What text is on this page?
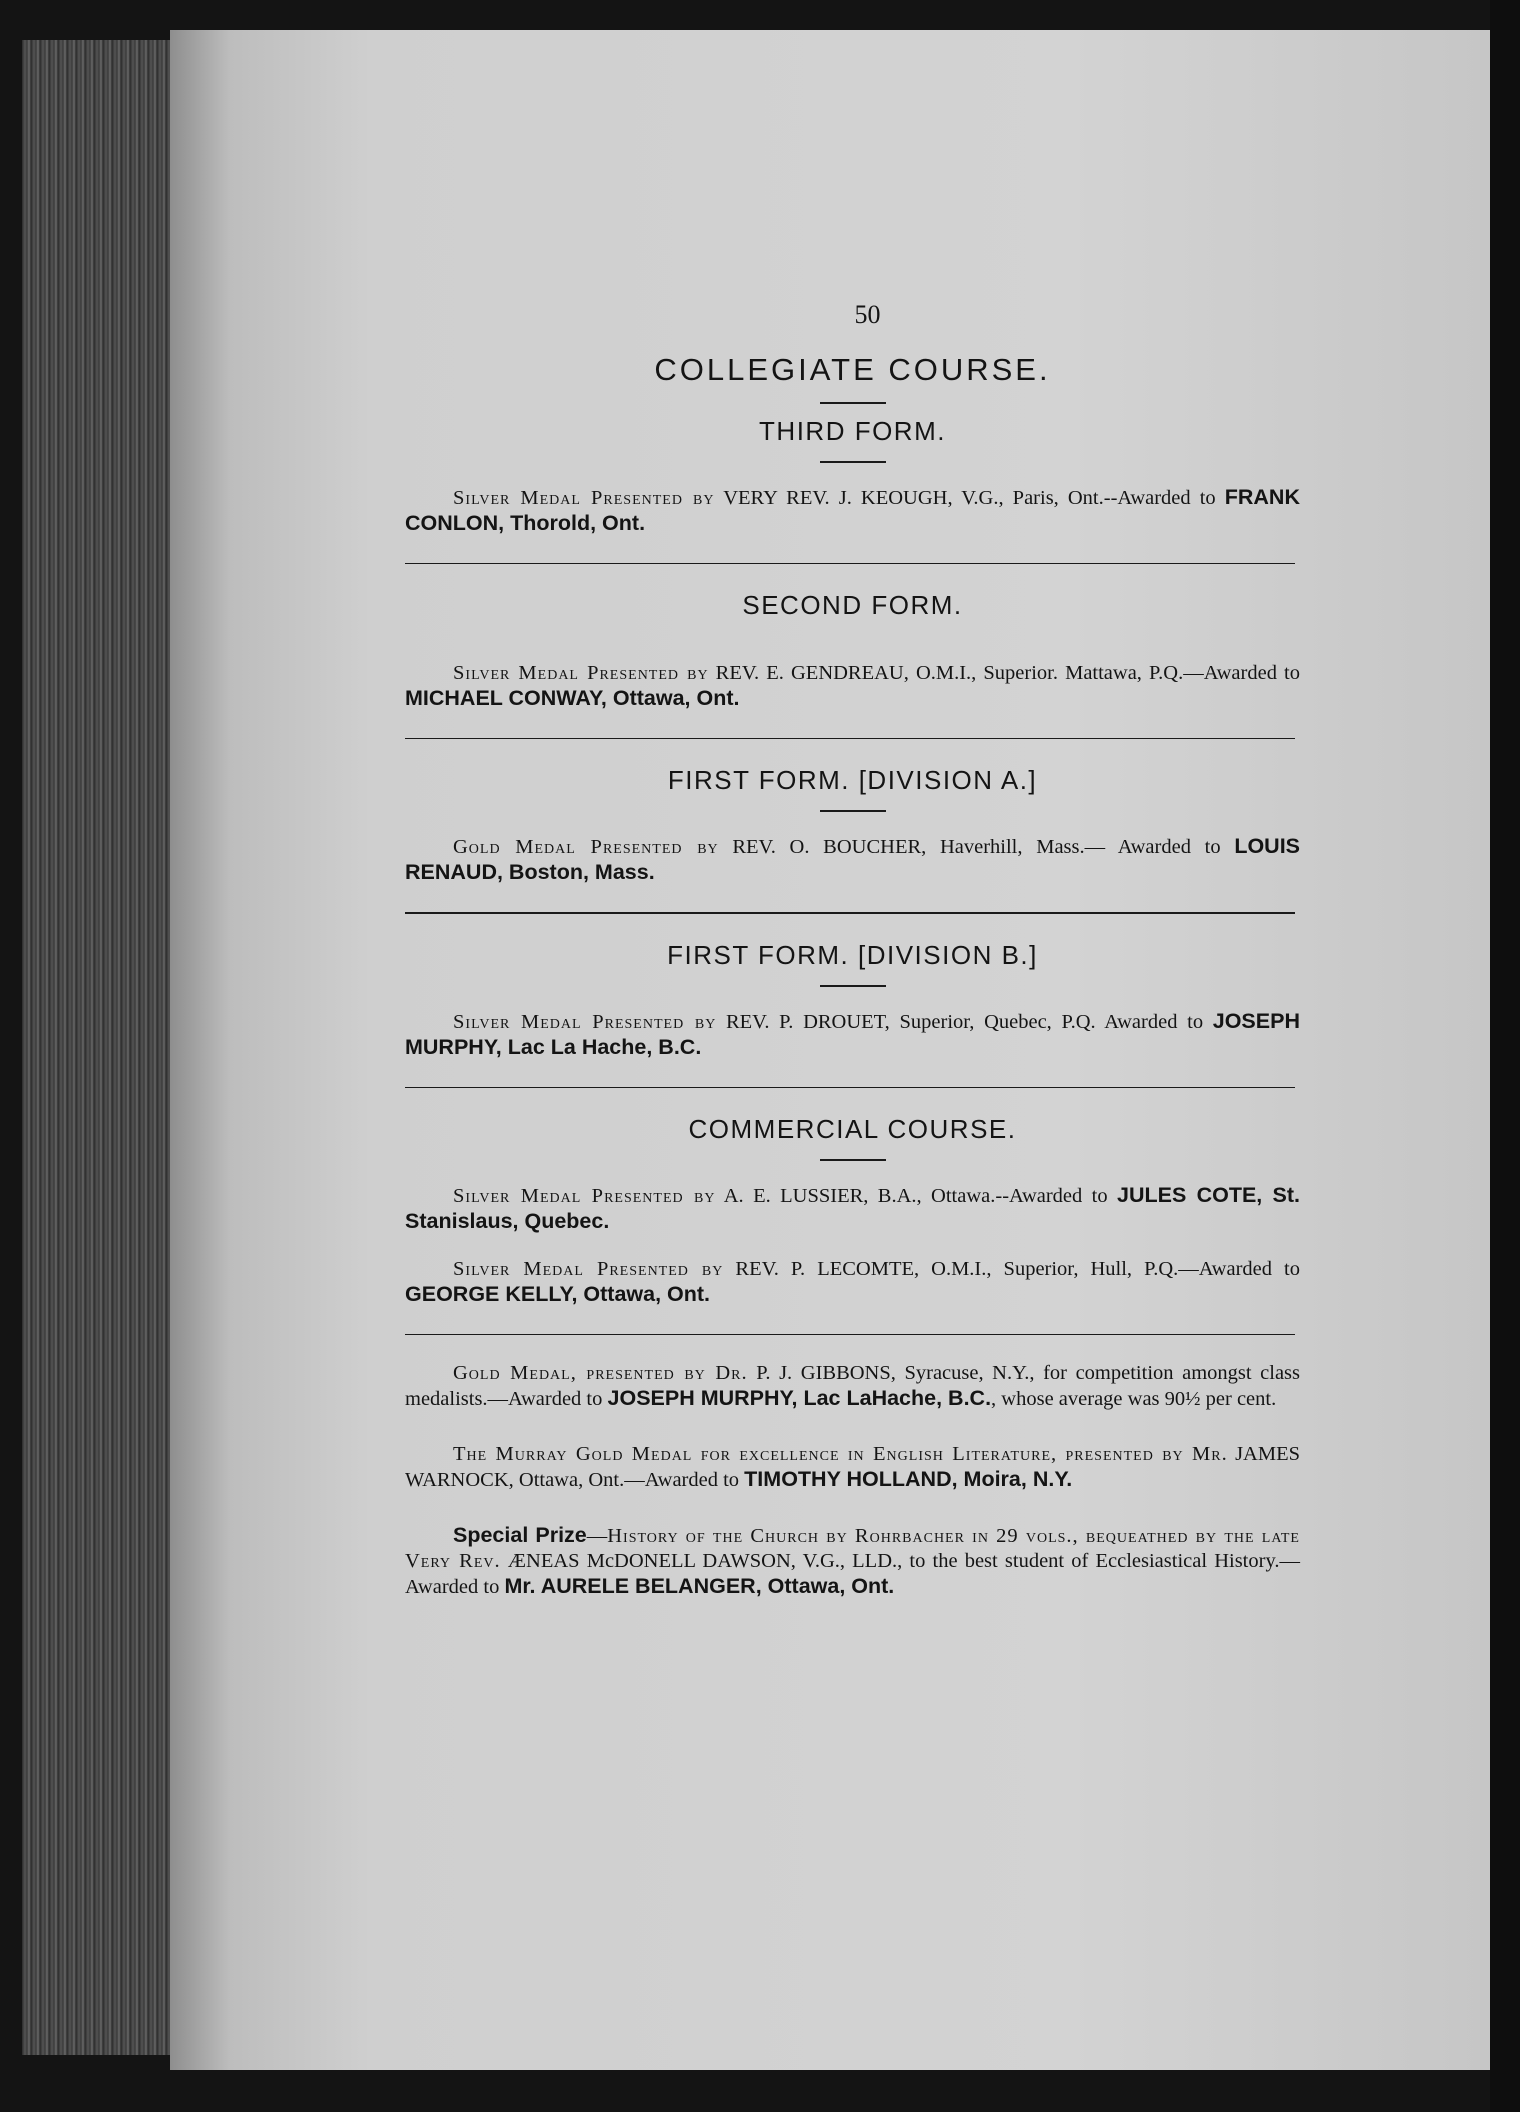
50
COLLEGIATE COURSE.
THIRD FORM.

Silver Medal Presented by VERY REV. J. KEOUGH, V.G., Paris, Ont.--Awarded to FRANK CONLON, Thorold, Ont.

SECOND FORM.

Silver Medal Presented by REV. E. GENDREAU, O.M.I., Superior. Mattawa, P.Q.—Awarded to MICHAEL CONWAY, Ottawa, Ont.

FIRST FORM. [DIVISION A.]

Gold Medal Presented by REV. O. BOUCHER, Haverhill, Mass.— Awarded to LOUIS RENAUD, Boston, Mass.

FIRST FORM. [DIVISION B.]

Silver Medal Presented by REV. P. DROUET, Superior, Quebec, P.Q. Awarded to JOSEPH MURPHY, Lac La Hache, B.C.

COMMERCIAL COURSE.

Silver Medal Presented by A. E. LUSSIER, B.A., Ottawa.--Awarded to JULES COTE, St. Stanislaus, Quebec.

Silver Medal Presented by REV. P. LECOMTE, O.M.I., Superior, Hull, P.Q.—Awarded to GEORGE KELLY, Ottawa, Ont.

Gold Medal, presented by Dr. P. J. GIBBONS, Syracuse, N.Y., for competition amongst class medalists.—Awarded to JOSEPH MURPHY, Lac LaHache, B.C., whose average was 90½ per cent.

The Murray Gold Medal for excellence in English Literature, presented by Mr. JAMES WARNOCK, Ottawa, Ont.—Awarded to TIMOTHY HOLLAND, Moira, N.Y.

Special Prize—History of the Church by Rohrbacher in 29 vols., bequeathed by the late Very Rev. ÆNEAS McDONELL DAWSON, V.G., LLD., to the best student of Ecclesiastical History.—Awarded to Mr. AURELE BELANGER, Ottawa, Ont.
